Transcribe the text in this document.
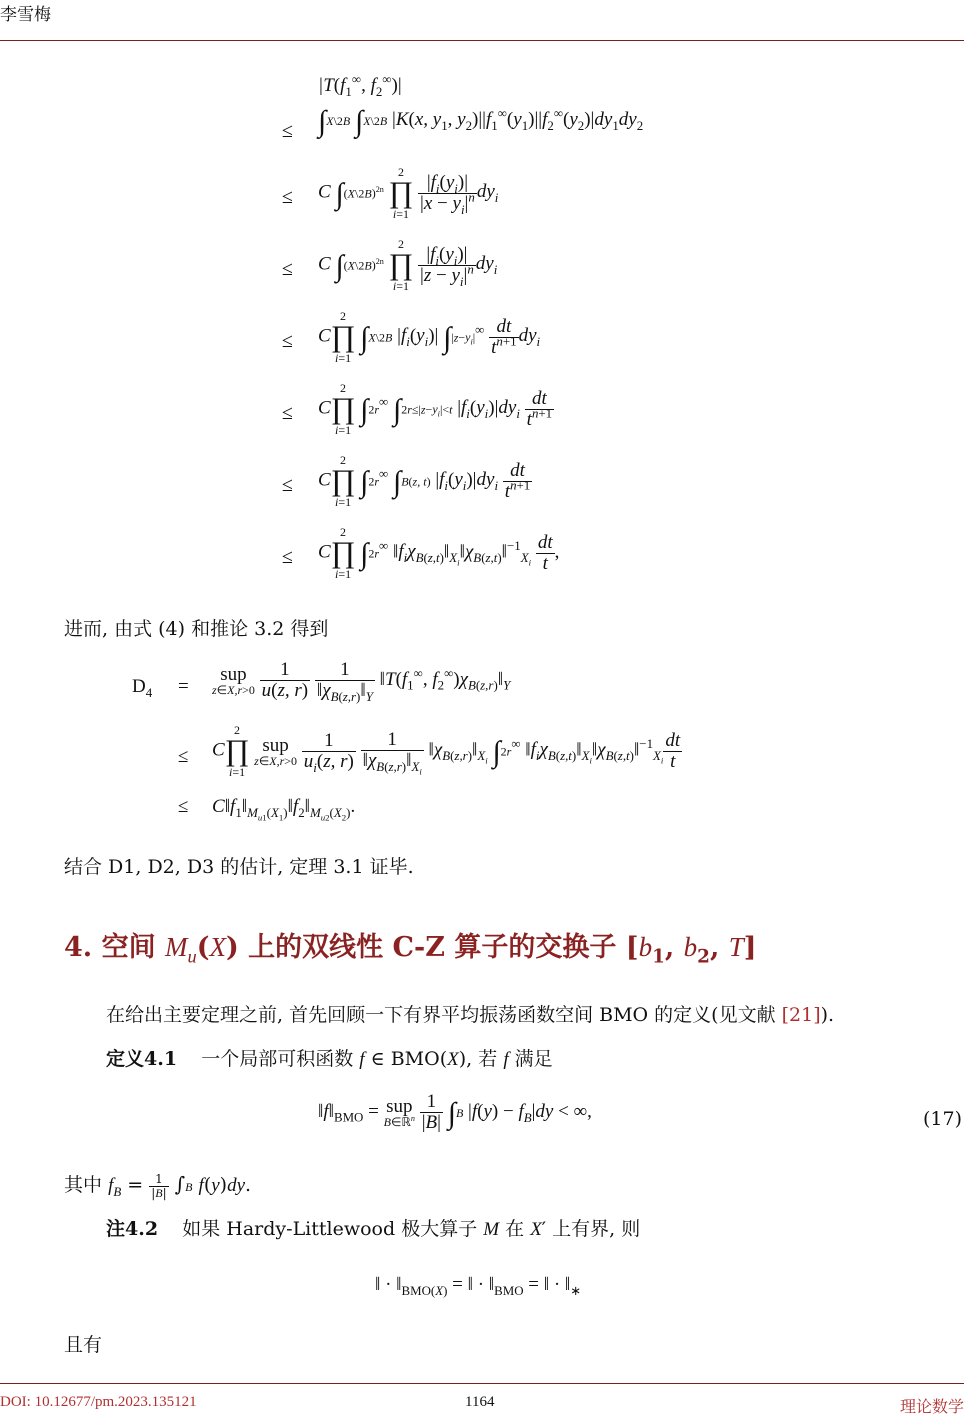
李雪梅
$|T(f_1^\infty$, $f_2^\infty)|$
≤ ∫X\2B ∫X\2B |K(x, $y_1$, $y_2)||f_1^\infty(y_1)||f_2^\infty(y_2)|dy_1dy_2$
≤ C ∫(X\2B)$^{2n}$
2
∏
i=1

$\frac{|f_i(y_i)|}{|x - y_i|^n} dy_i$
≤ C ∫(X\2B)$^{2n}$
2
∏
i=1

$\frac{|f_i(y_i)|}{|z - y_i|^n} dy_i$
≤ C
2
∏
i=1
∫X\2B $|f_i(y_i)|$ $\int|z-y_i|^\infty \frac{dt}{t^{n+1}} dy_i$
≤ C
2
∏
i=1
∫2r∞ $\int 2r\le|z-y_i|<t$ $|f_i(y_i)|dy_i \frac{dt}{t^{n+1}}$
≤ C
2
∏
i=1
∫2r∞ ∫B(z, t) $|f_i(y_i)|dy_i \frac{dt}{t^{n+1}}$
≤ C
2
∏
i=1
∫2r∞ $‖f_i\chi_{B(z,t)}‖_{X_i}‖\chi_{B(z,t)}‖^{-1}_{X_i} \frac{dt}{t}$ ,
进而, 由式 (4) 和推论 3.2 得到
$D_4$ =
sup
z∈X,r>0
$\frac{1}{u(z, r)}$
$\frac{1}{‖\chi_{B(z,r)}‖_Y}$ $‖T(f_1^\infty$, $f_2^\infty)\chi_{B(z,r)}‖_Y$
≤ C
2
∏
i=1

sup
z∈X,r>0
$\frac{1}{u_i(z, r)}$
$\frac{1}{‖\chi_{B(z,r)}‖_{X_i}}$ $‖\chi_{B(z,r)}‖_{X_i}$ ∫2r∞ $‖f_i\chi_{B(z,t)}‖_{X_i}‖\chi_{B(z,t)}‖^{-1}_{X_i} \frac{dt}{t}$
≤ $C‖f_1‖_{M_{u1}(X_1)}‖f_2‖_{M_{u2}(X_2)}$.
结合 D1, D2, D3 的估计, 定理 3.1 证毕.
4. 空间 $M_u(X)$ 上的双线性 C-Z 算子的交换子 [$b_1$, $b_2$, T]
在给出主要定理之前, 首先回顾一下有界平均振荡函数空间 BMO 的定义(见文献 [21]).
定义4.1 一个局部可积函数 f ∈ BMO(X), 若 f 满足
$‖f‖_{BMO}$ = sup
B∈ℝ$^n$
$\frac{1}{|B|} \int B$ $|f(y) - f_B|dy$ < ∞,	(17)
其中 $f_B = \frac{1}{|B|} \int B$ f(y)dy.
注4.2 如果 Hardy-Littlewood 极大算子 M 在 X′ 上有界, 则
‖ · $‖_{BMO(X)}$ = ‖ · $‖_{BMO}$ = ‖ · $‖_∗$
且有
DOI: 10.12677/pm.2023.135121	1164	理论数学
